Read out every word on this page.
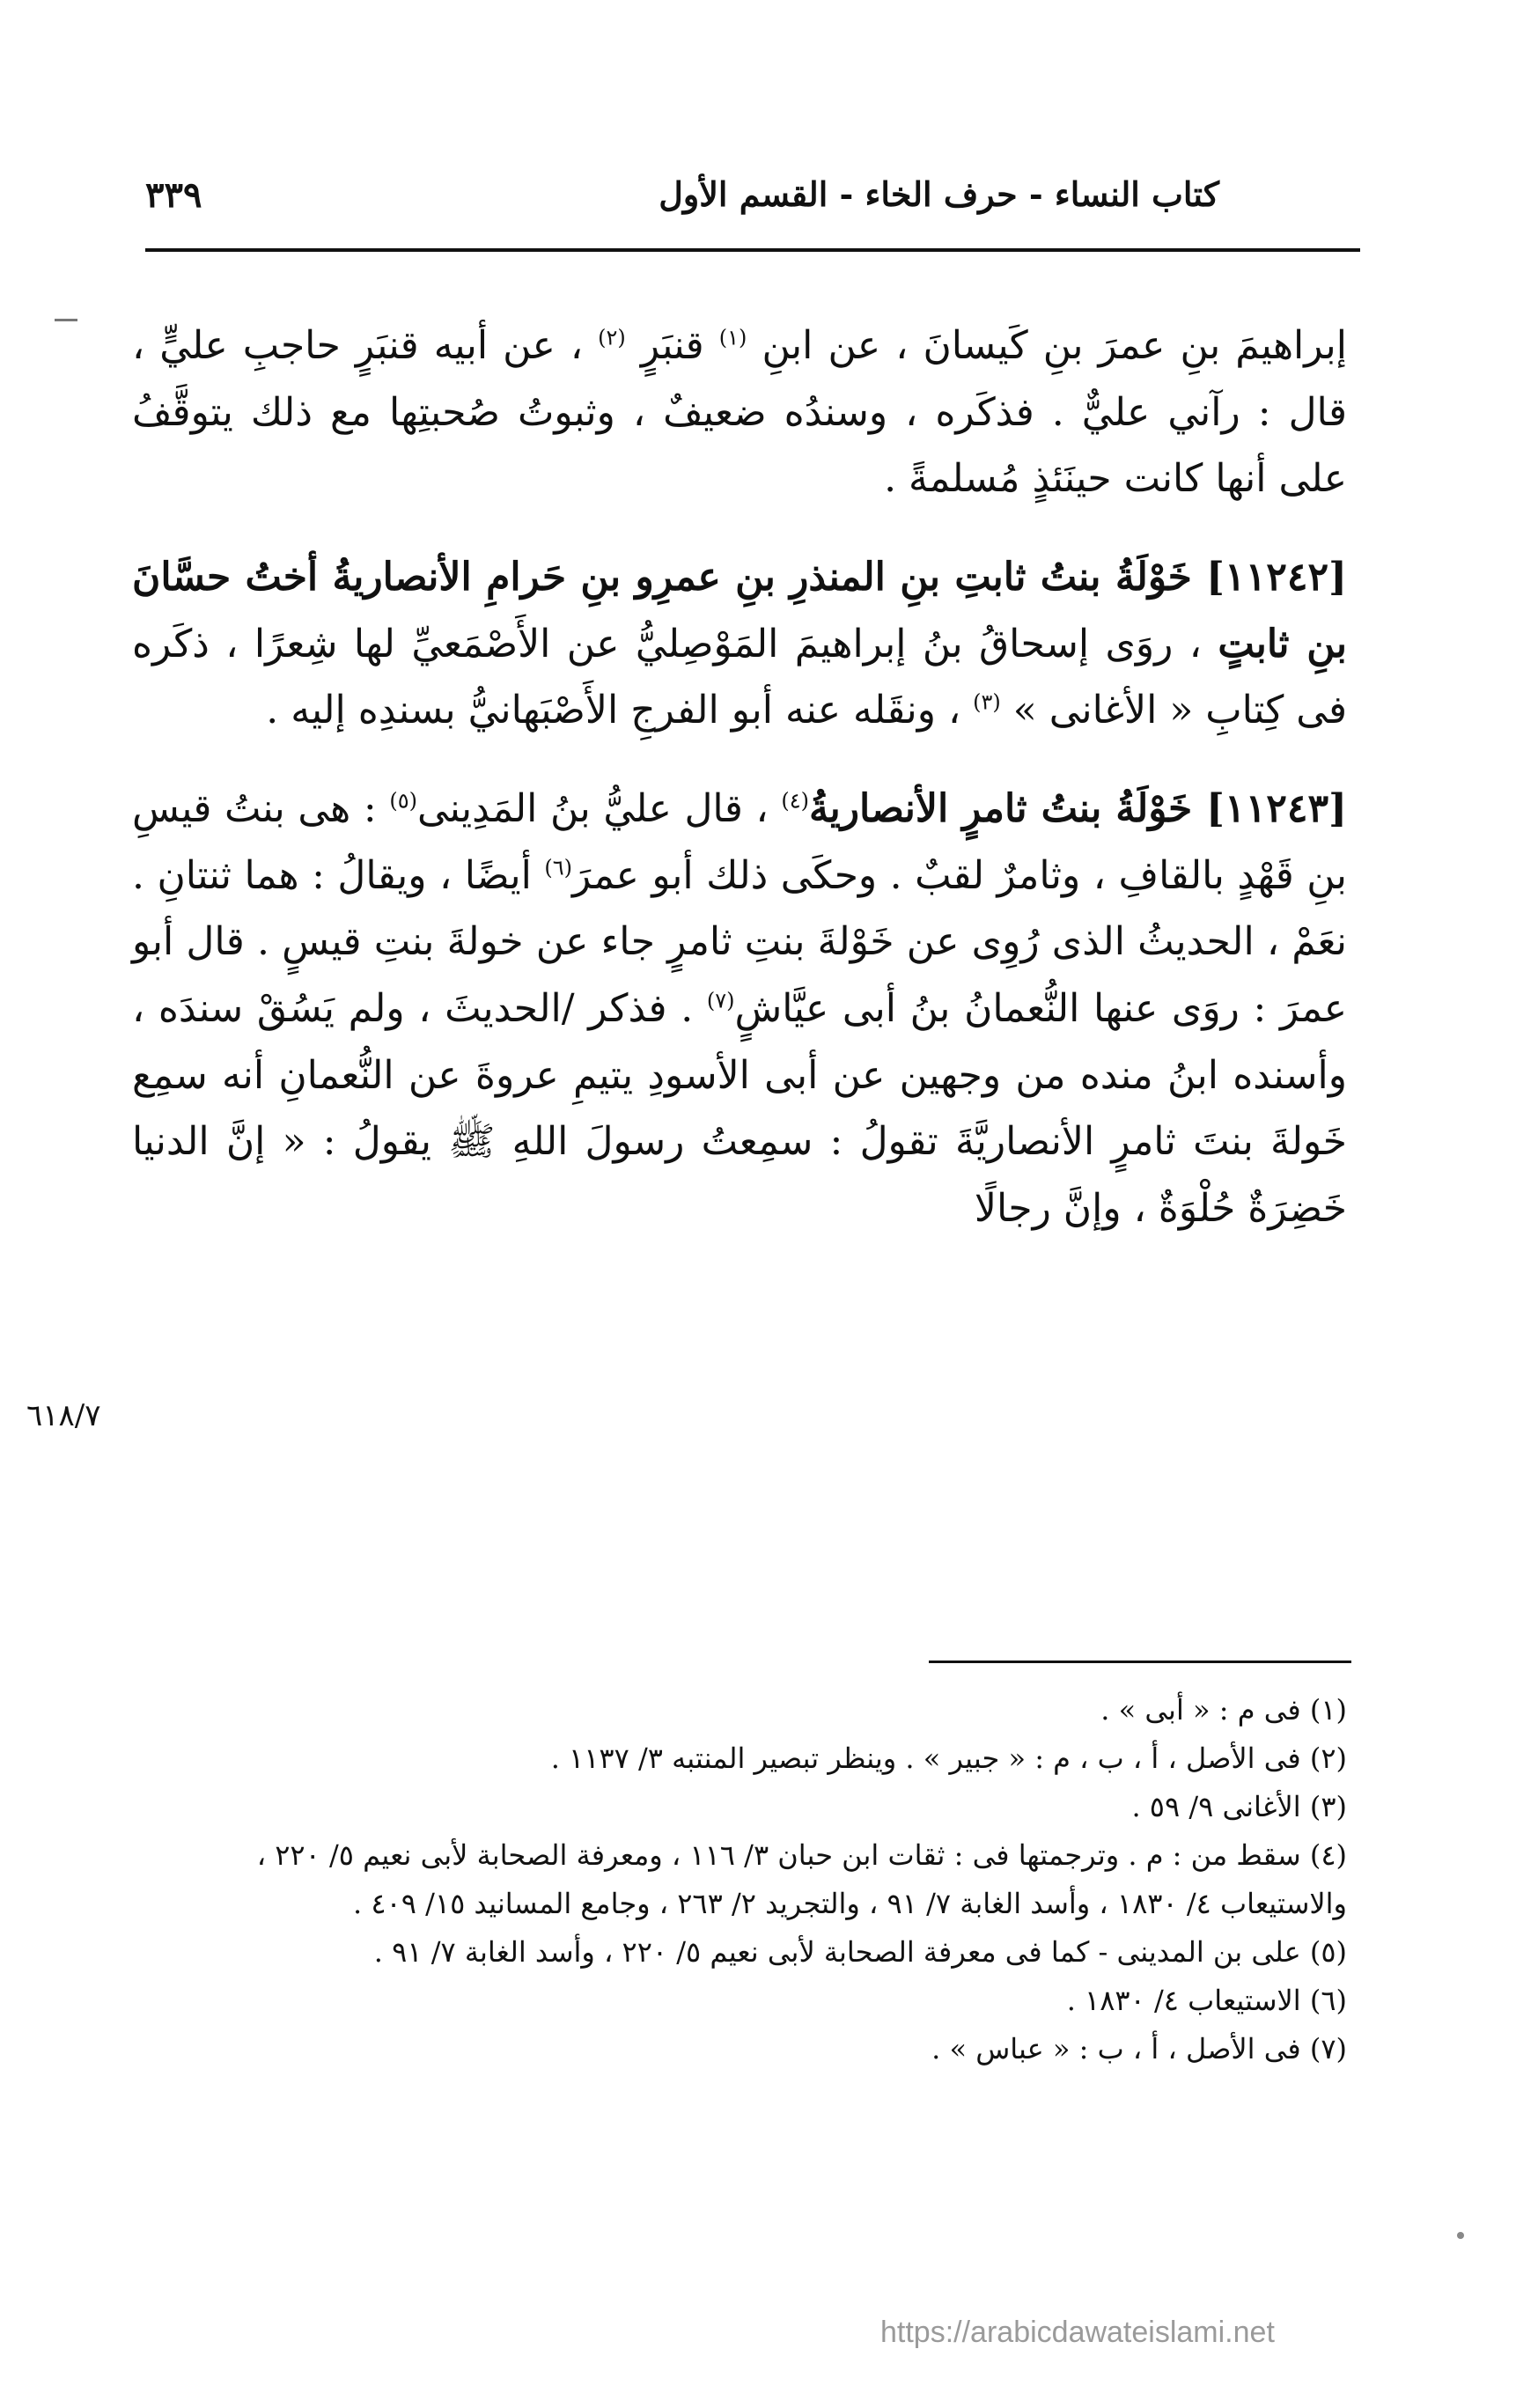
كتاب النساء - حرف الخاء - القسم الأول
٣٣٩

إبراهيمَ بنِ عمرَ بنِ كَيسانَ ، عن ابنِ $^{(١)}$ قنبَرٍ $^{(٢)}$ ، عن أبيه قنبَرٍ حاجبِ عليٍّ ، قال : رآني عليٌّ . فذكَره ، وسندُه ضعيفٌ ، وثبوتُ صُحبتِها مع ذلك يتوقَّفُ على أنها كانت حينَئذٍ مُسلمةً .

[١١٢٤٢] خَوْلَةُ بنتُ ثابتِ بنِ المنذرِ بنِ عمرِو بنِ حَرامِ الأنصاريةُ أختُ حسَّانَ بنِ ثابتٍ ، روَى إسحاقُ بنُ إبراهيمَ المَوْصِليُّ عن الأَصْمَعيِّ لها شِعرًا ، ذكَره فى كِتابِ « الأغانى » $^{(٣)}$ ، ونقَله عنه أبو الفرجِ الأَصْبَهانيُّ بسندِه إليه .

[١١٢٤٣] خَوْلَةُ بنتُ ثامرٍ الأنصاريةُ$^{(٤)}$ ، قال عليُّ بنُ المَدِينى$^{(٥)}$ : هى بنتُ قيسِ بنِ قَهْدٍ بالقافِ ، وثامرٌ لقبٌ . وحكَى ذلك أبو عمرَ$^{(٦)}$ أيضًا ، ويقالُ : هما ثنتانِ . نعَمْ ، الحديثُ الذى رُوِى عن خَوْلةَ بنتِ ثامرٍ جاء عن خولةَ بنتِ قيسٍ . قال أبو عمرَ : روَى عنها النُّعمانُ بنُ أبى عيَّاشٍ$^{(٧)}$ . فذكر /الحديثَ ، ولم يَسُقْ سندَه ، وأسنده ابنُ منده من وجهين عن أبى الأسودِ يتيمِ عروةَ عن النُّعمانِ أنه سمِع خَولةَ بنتَ ثامرٍ الأنصاريَّةَ تقولُ : سمِعتُ رسولَ اللهِ ﷺ يقولُ : « إنَّ الدنيا خَضِرَةٌ حُلْوَةٌ ، وإنَّ رجالًا

٦١٨/٧

(١) فى م : « أبى » .

(٢) فى الأصل ، أ ، ب ، م : « جبير » . وينظر تبصير المنتبه ٣/ ١١٣٧ .

(٣) الأغانى ٩/ ٥٩ .

(٤) سقط من : م . وترجمتها فى : ثقات ابن حبان ٣/ ١١٦ ، ومعرفة الصحابة لأبى نعيم ٥/ ٢٢٠ ، والاستيعاب ٤/ ١٨٣٠ ، وأسد الغابة ٧/ ٩١ ، والتجريد ٢/ ٢٦٣ ، وجامع المسانيد ١٥/ ٤٠٩ .

(٥) على بن المدينى - كما فى معرفة الصحابة لأبى نعيم ٥/ ٢٢٠ ، وأسد الغابة ٧/ ٩١ .

(٦) الاستيعاب ٤/ ١٨٣٠ .

(٧) فى الأصل ، أ ، ب : « عباس » .

https://arabicdawateislami.net
